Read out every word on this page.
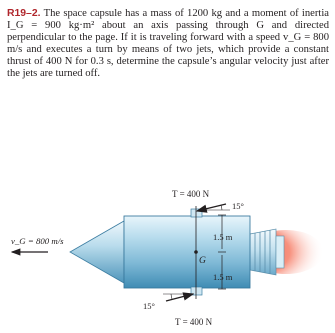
R19–2. The space capsule has a mass of 1200 kg and a moment of inertia I_G = 900 kg·m² about an axis passing through G and directed perpendicular to the page. If it is traveling forward with a speed v_G = 800 m/s and executes a turn by means of two jets, which provide a constant thrust of 400 N for 0.3 s, determine the capsule’s angular velocity just after the jets are turned off.
T = 400 N
15°
T = 400 N
15°
v_G = 800 m/s
G
1.5 m
1.5 m
